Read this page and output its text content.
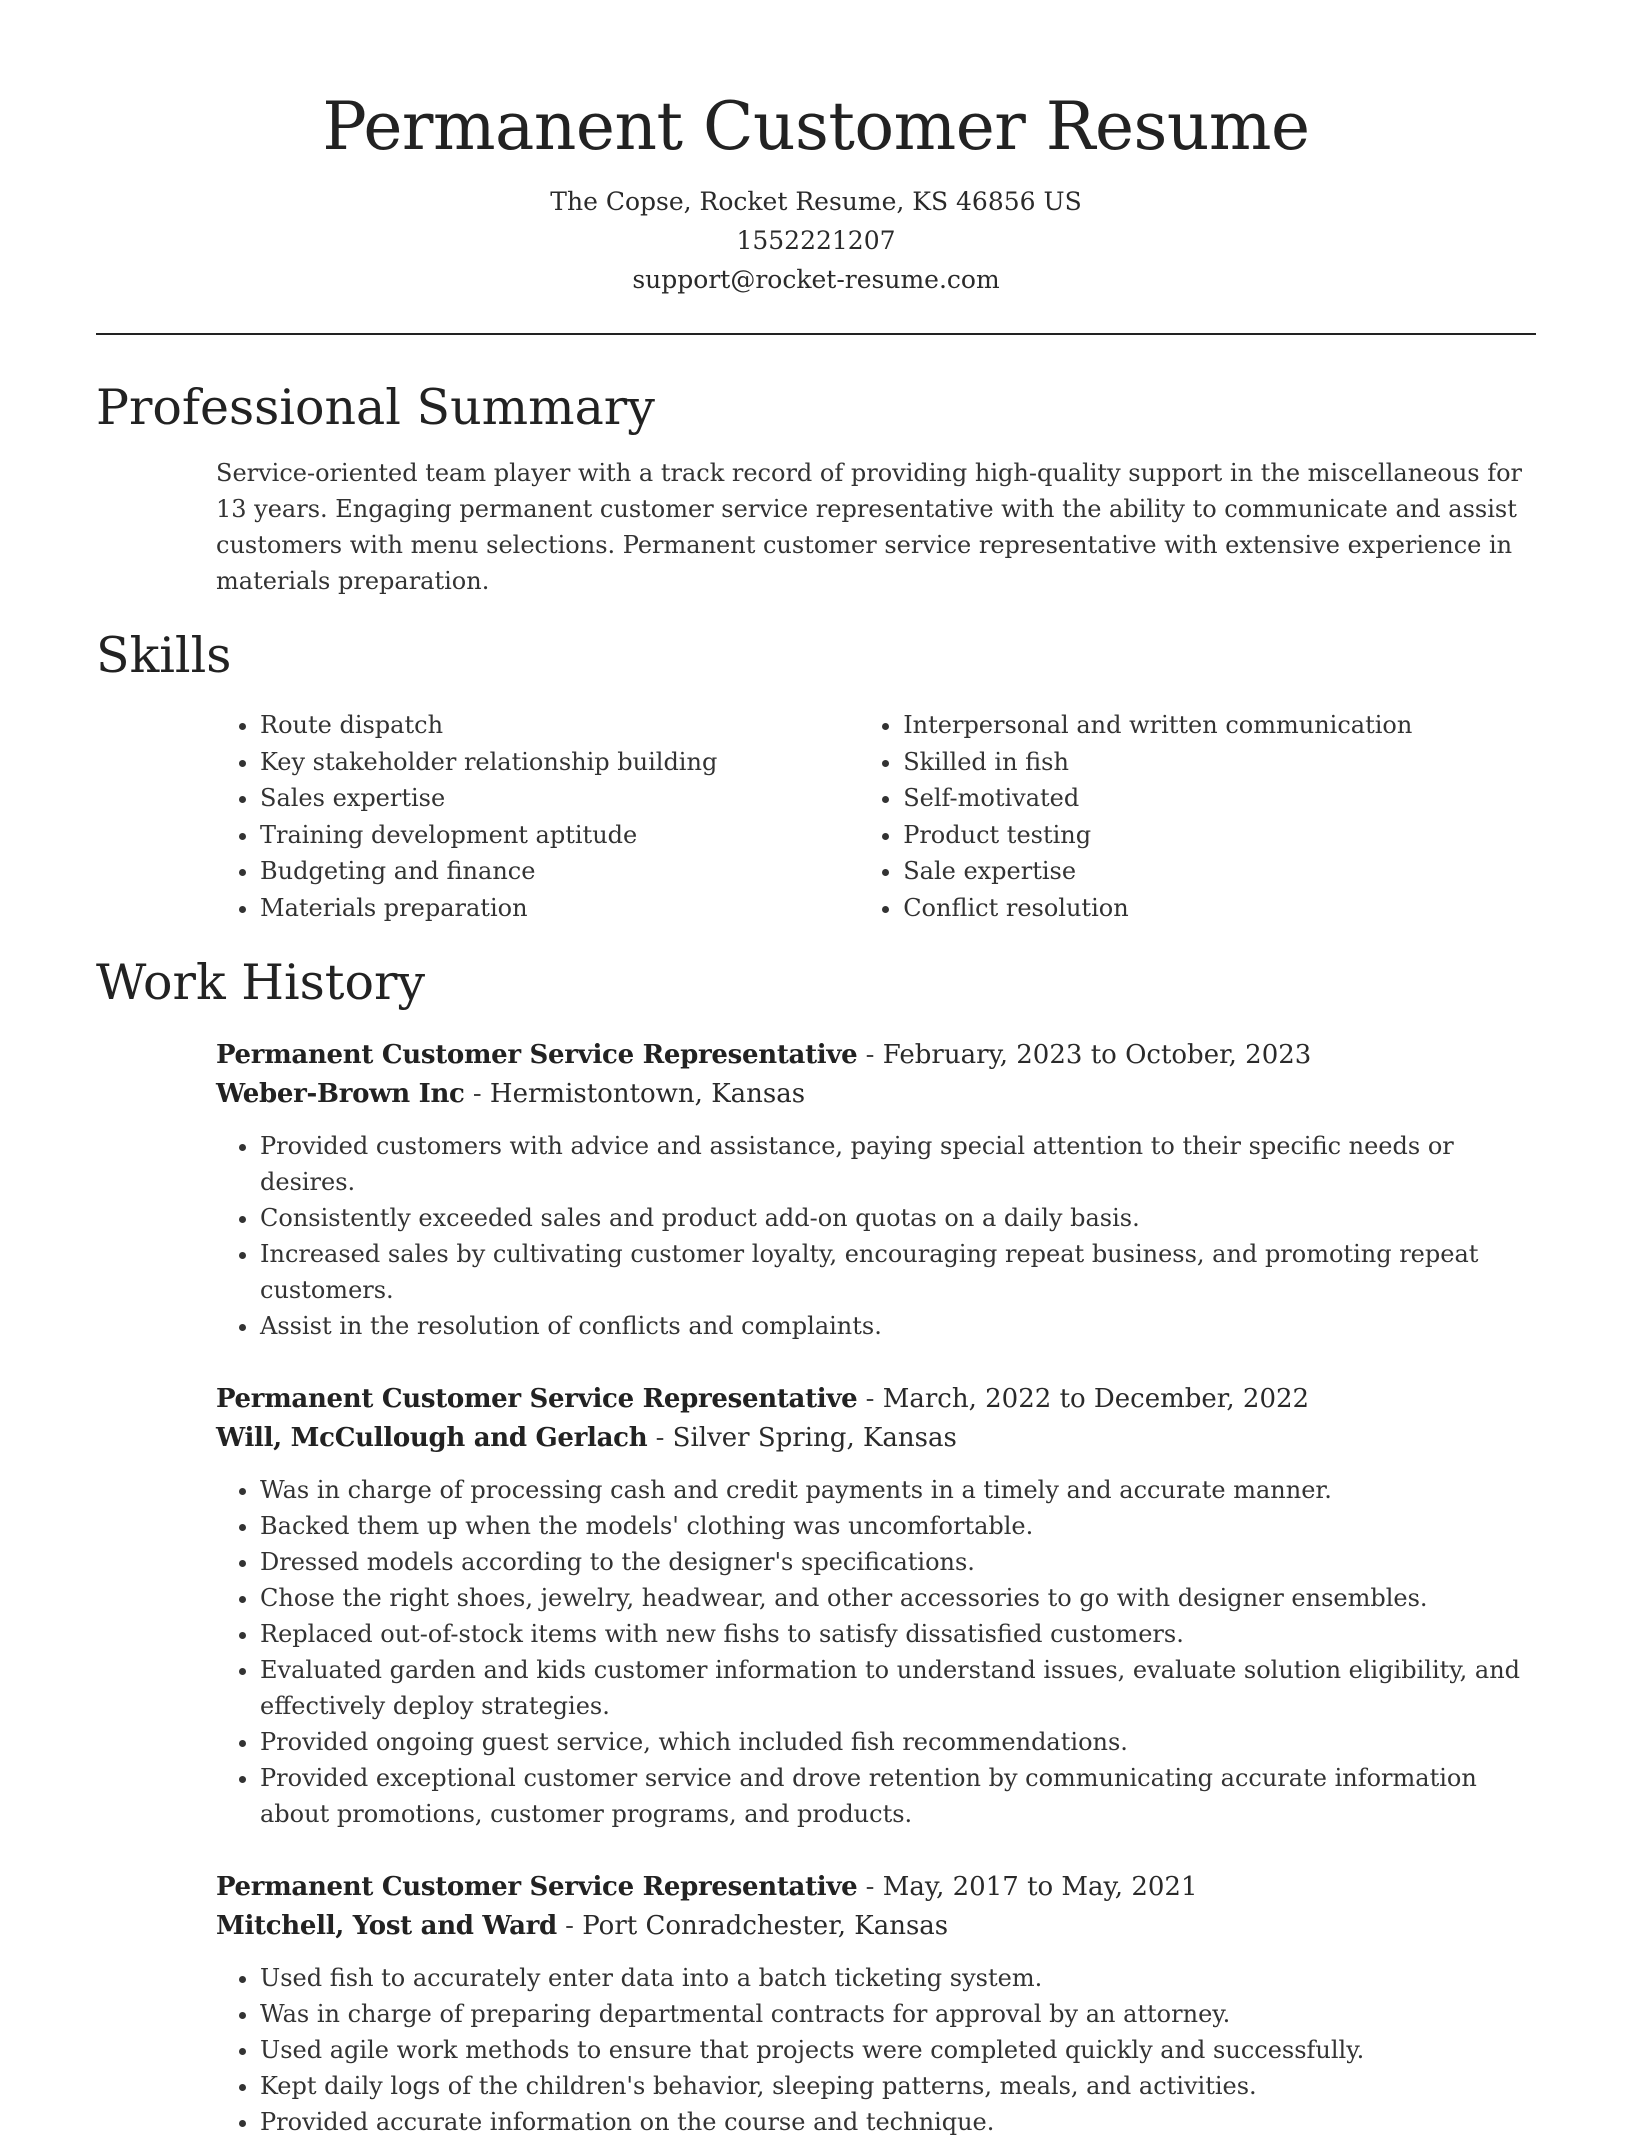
Permanent Customer Resume
The Copse, Rocket Resume, KS 46856 US
1552221207
support@rocket-resume.com
Professional Summary
Service-oriented team player with a track record of providing high-quality support in the miscellaneous for 13 years. Engaging permanent customer service representative with the ability to communicate and assist customers with menu selections. Permanent customer service representative with extensive experience in materials preparation.
Skills
• Route dispatch
• Key stakeholder relationship building
• Sales expertise
• Training development aptitude
• Budgeting and finance
• Materials preparation
• Interpersonal and written communication
• Skilled in fish
• Self-motivated
• Product testing
• Sale expertise
• Conflict resolution
Work History
Permanent Customer Service Representative - February, 2023 to October, 2023
Weber-Brown Inc - Hermistontown, Kansas
• Provided customers with advice and assistance, paying special attention to their specific needs or desires.
• Consistently exceeded sales and product add-on quotas on a daily basis.
• Increased sales by cultivating customer loyalty, encouraging repeat business, and promoting repeat customers.
• Assist in the resolution of conflicts and complaints.
Permanent Customer Service Representative - March, 2022 to December, 2022
Will, McCullough and Gerlach - Silver Spring, Kansas
• Was in charge of processing cash and credit payments in a timely and accurate manner.
• Backed them up when the models' clothing was uncomfortable.
• Dressed models according to the designer's specifications.
• Chose the right shoes, jewelry, headwear, and other accessories to go with designer ensembles.
• Replaced out-of-stock items with new fishs to satisfy dissatisfied customers.
• Evaluated garden and kids customer information to understand issues, evaluate solution eligibility, and effectively deploy strategies.
• Provided ongoing guest service, which included fish recommendations.
• Provided exceptional customer service and drove retention by communicating accurate information about promotions, customer programs, and products.
Permanent Customer Service Representative - May, 2017 to May, 2021
Mitchell, Yost and Ward - Port Conradchester, Kansas
• Used fish to accurately enter data into a batch ticketing system.
• Was in charge of preparing departmental contracts for approval by an attorney.
• Used agile work methods to ensure that projects were completed quickly and successfully.
• Kept daily logs of the children's behavior, sleeping patterns, meals, and activities.
• Provided accurate information on the course and technique.
